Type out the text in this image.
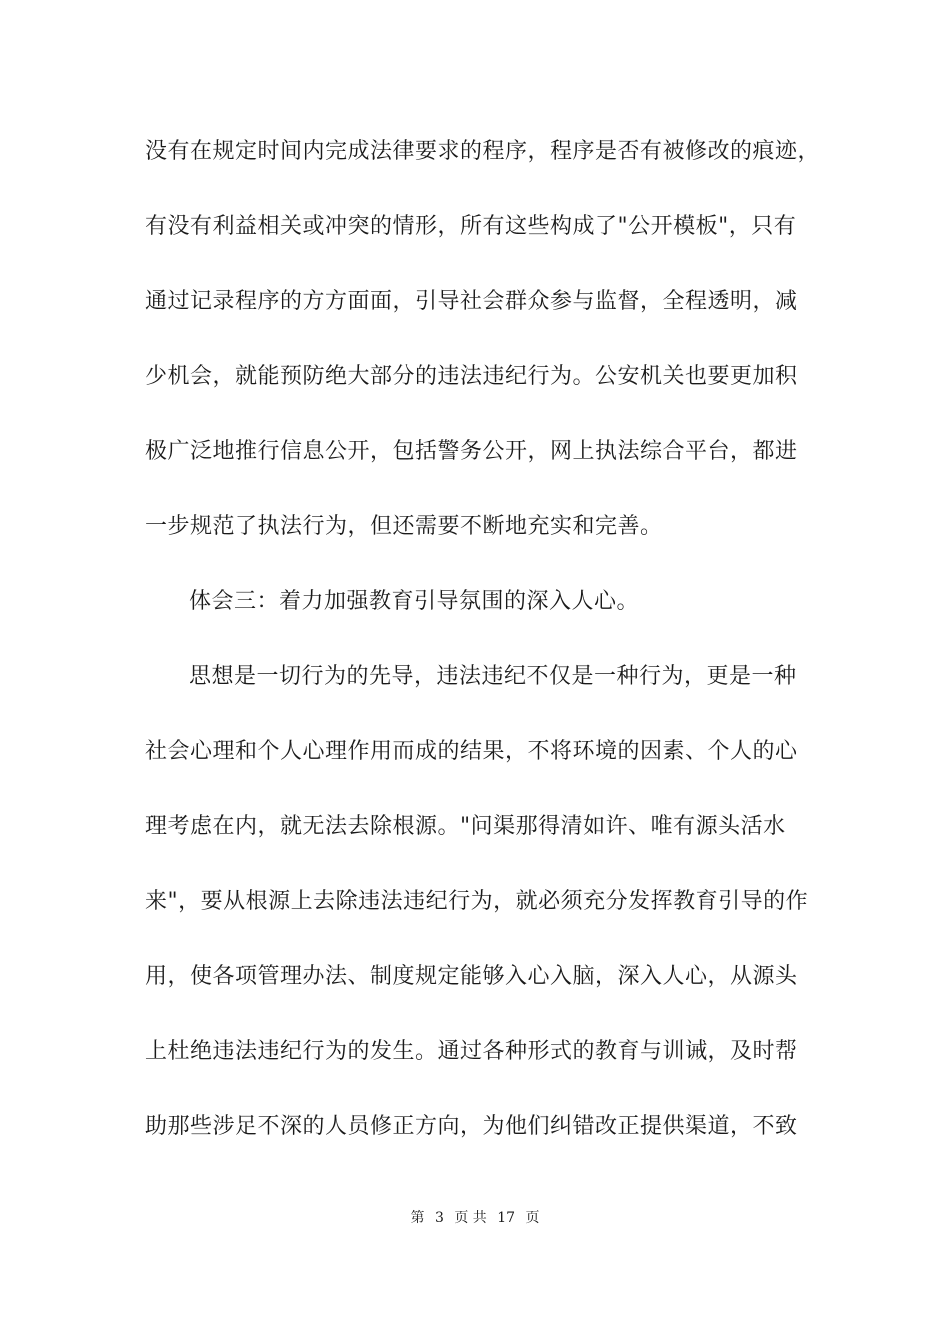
没有在规定时间内完成法律要求的程序，程序是否有被修改的痕迹，
有没有利益相关或冲突的情形，所有这些构成了"公开模板"，只有
通过记录程序的方方面面，引导社会群众参与监督，全程透明，减
少机会，就能预防绝大部分的违法违纪行为。公安机关也要更加积
极广泛地推行信息公开，包括警务公开，网上执法综合平台，都进
一步规范了执法行为，但还需要不断地充实和完善。
体会三：着力加强教育引导氛围的深入人心。
思想是一切行为的先导，违法违纪不仅是一种行为，更是一种
社会心理和个人心理作用而成的结果，不将环境的因素、个人的心
理考虑在内，就无法去除根源。"问渠那得清如许、唯有源头活水
来"，要从根源上去除违法违纪行为，就必须充分发挥教育引导的作
用，使各项管理办法、制度规定能够入心入脑，深入人心，从源头
上杜绝违法违纪行为的发生。通过各种形式的教育与训诫，及时帮
助那些涉足不深的人员修正方向，为他们纠错改正提供渠道，不致
第 3 页 共 17 页
